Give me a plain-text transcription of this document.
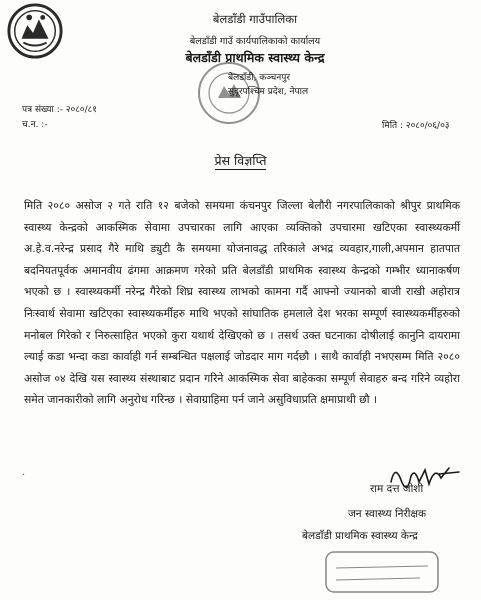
बेलडाँडी गाउँपालिका
बेलडाँडी गाउँ कार्यपालिकाको कार्यालय
बेलडाँडी प्राथमिक स्वास्थ्य केन्द्र
बेलडाँडी, कञ्चनपुर
सुदूरपश्चिम प्रदेश, नेपाल
पत्र संख्या :- २०८०/८१
च.न. :-	मिति : २०८०/०६/०३
प्रेस विज्ञप्ति
मिति २०८० असोज २ गते राति १२ बजेको समयमा कंचनपुर जिल्ला बेलौरी नगरपालिकाको श्रीपुर प्राथमिक स्वास्थ्य केन्द्रको आकस्मिक सेवामा उपचारका लागि आएका व्यक्तिको उपचारमा खटिएका स्वास्थ्यकर्मी अ.हे.व.नरेन्द्र प्रसाद गैरे माथि ड्युटी कै समयमा योजनावद्ध तरिकाले अभद्र व्यवहार,गाली,अपमान हातपात बदनियतपूर्वक अमानवीय ढंगमा आक्रमण गरेको प्रति बेलडाँडी प्राथमिक स्वास्थ्य केन्द्रको गम्भीर ध्यानाकर्षण भएको छ । स्वास्थ्यकर्मी नरेन्द्र गैरेको शिघ्र स्वास्थ्य लाभको कामना गर्दै आफ्नो ज्यानको बाजी राखी अहोरात्र निःस्वार्थ सेवामा खटिएका स्वास्थ्यकर्मीहरु माथि भएको सांघातिक हमलाले देश भरका सम्पूर्ण स्वास्थ्यकर्मीहरुको मनोबल गिरेको र निरुत्साहित भएको कुरा यथार्थ देखिएको छ । तसर्थ उक्त घटनाका दोषीलाई कानुनि दायरामा ल्याई कडा भन्दा कडा कार्वाही गर्न सम्बन्धित पक्षलाई जोडदार माग गर्दछौ । साथै कार्वाही नभएसम्म मिति २०८० असोज ०४ देखि यस स्वास्थ्य संस्थाबाट प्रदान गरिने आकस्मिक सेवा बाहेकका सम्पूर्ण सेवाहरु बन्द गरिने व्यहोरा समेत जानकारीको लागि अनुरोध गरिन्छ । सेवाग्राहिमा पर्न जाने असुविधाप्रति क्षमाप्राथी छौ ।
·
राम दत्त जोशी
जन स्वास्थ्य निरीक्षक
बेलडाँडी प्राथमिक स्वास्थ्य केन्द्र
